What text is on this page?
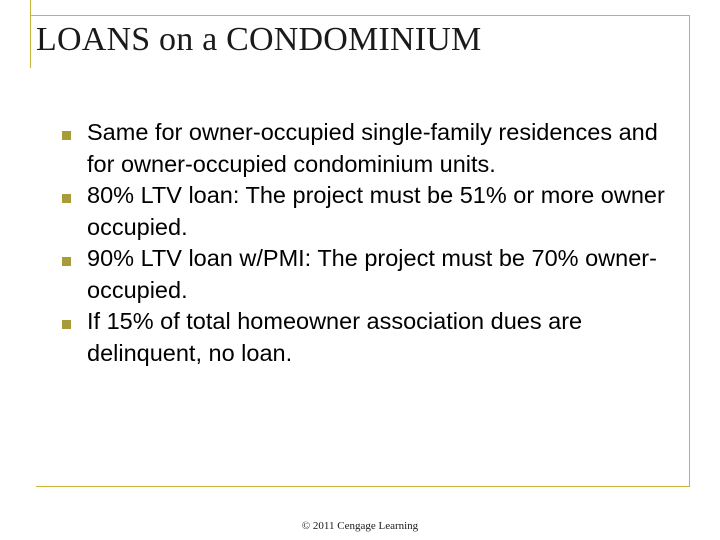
LOANS on a CONDOMINIUM
Same for owner-occupied single-family residences and for owner-occupied condominium units.
80% LTV loan: The project must be 51% or more owner occupied.
90% LTV loan w/PMI: The project must be 70% owner-occupied.
If 15% of total homeowner association dues are delinquent, no loan.
© 2011 Cengage Learning
